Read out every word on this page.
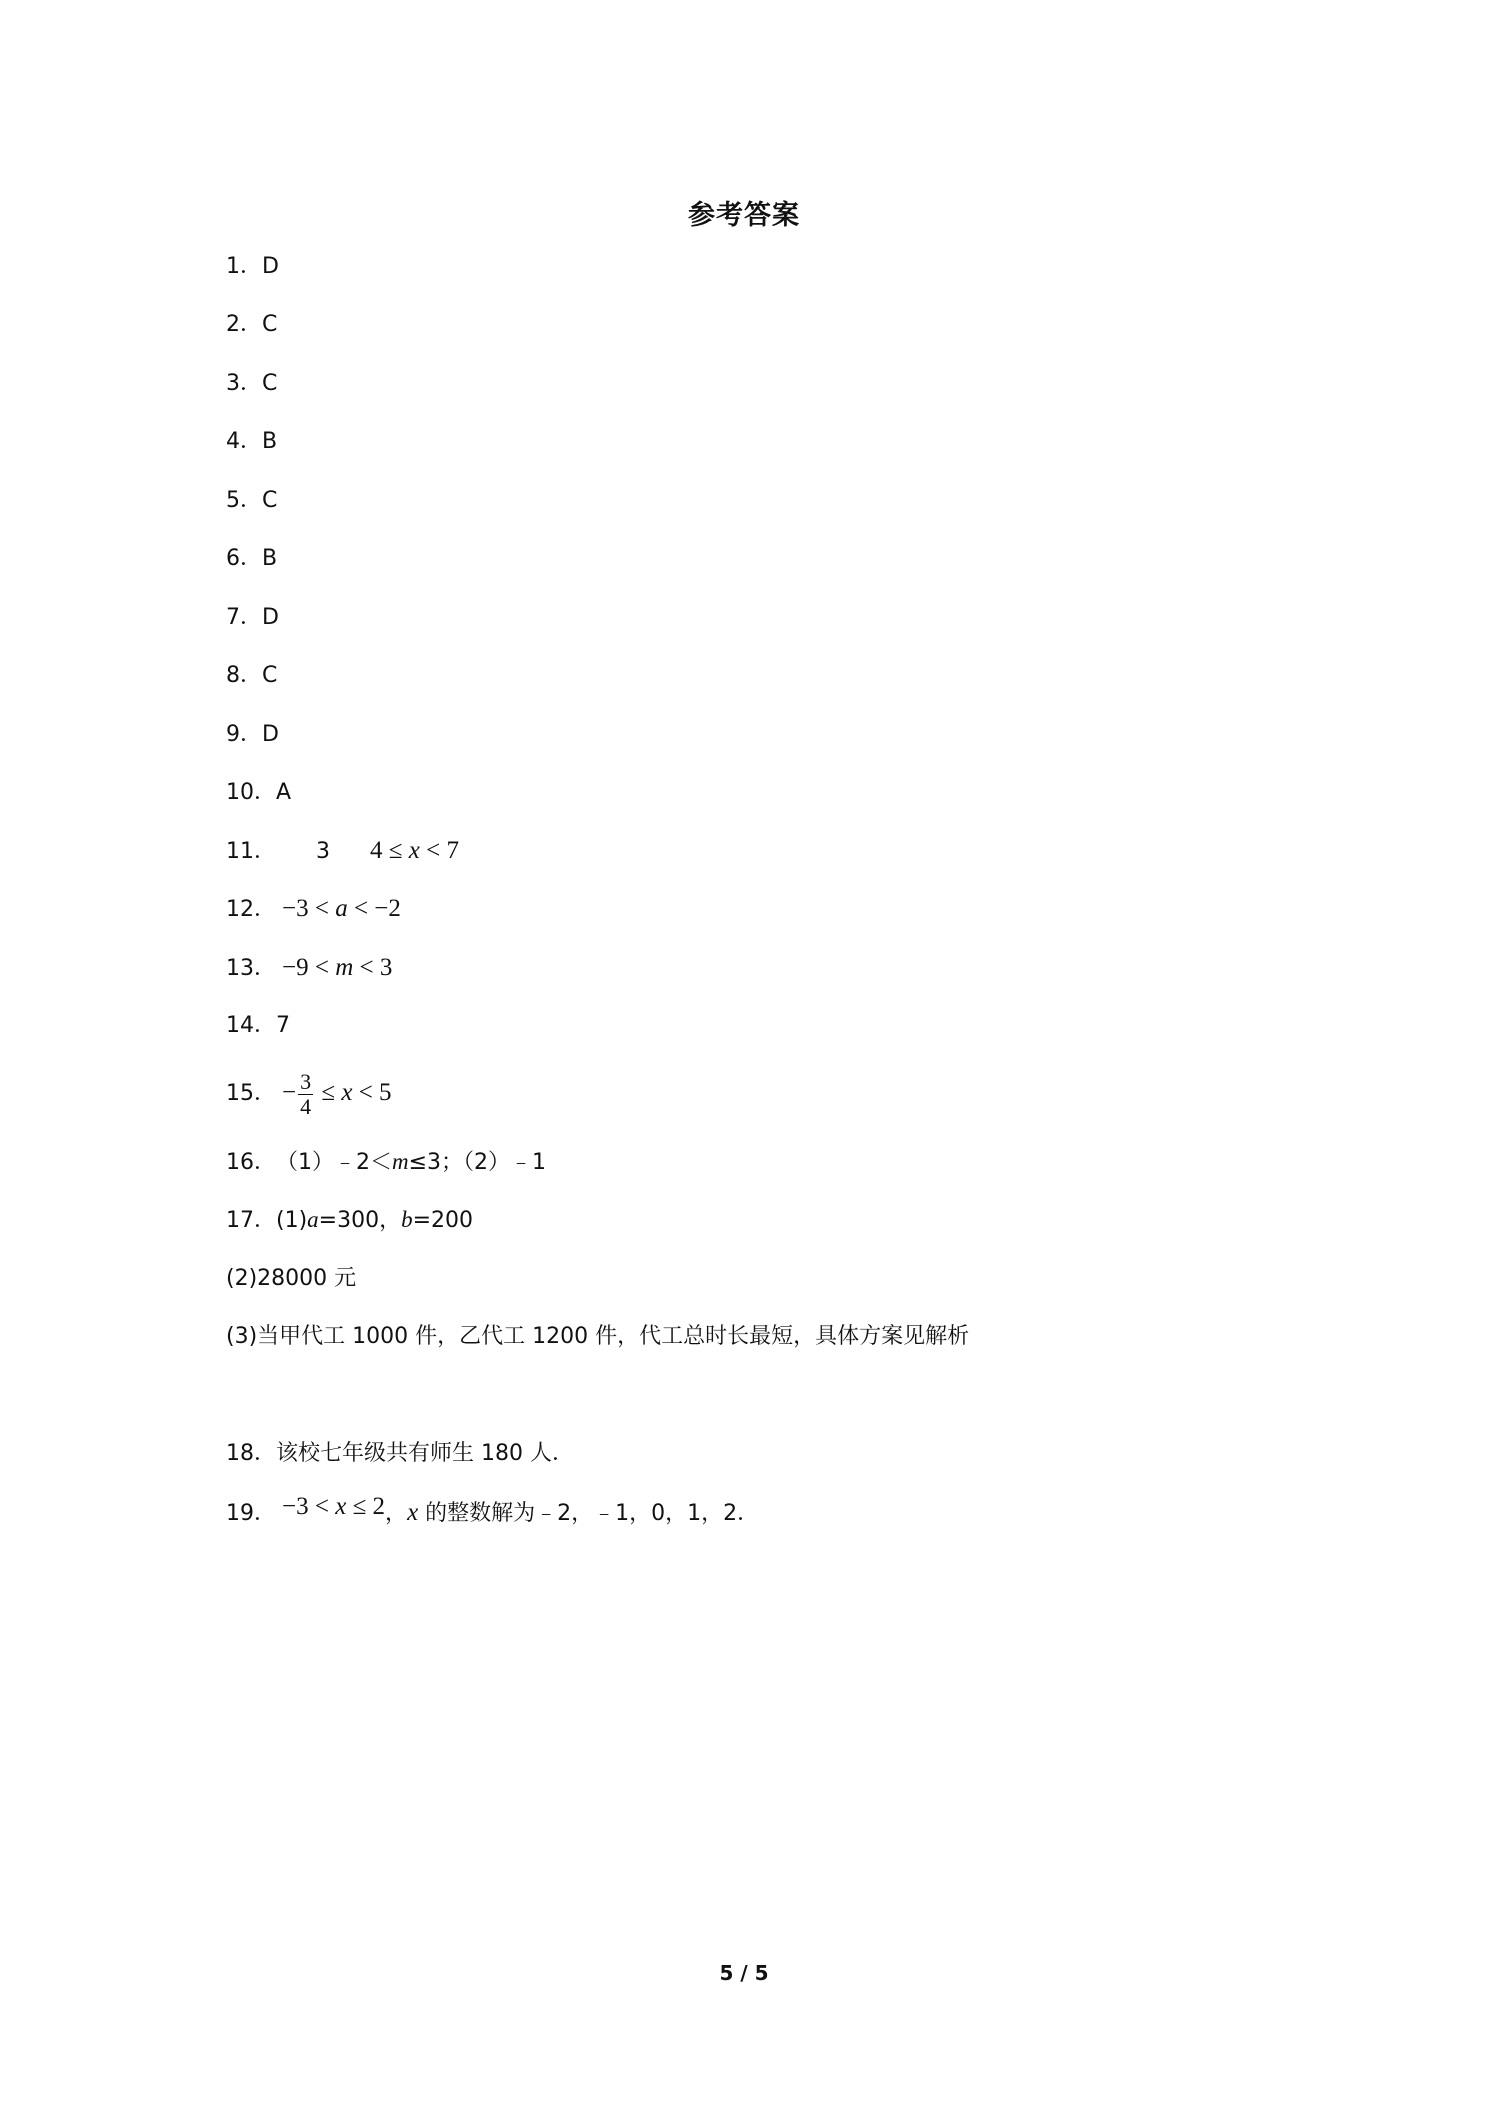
参考答案
1．D
2．C
3．C
4．B
5．C
6．B
7．D
8．C
9．D
10．A
11． 3 4 ≤ x < 7
12． −3 < a < −2
13． −9 < m < 3
14．7
15． − $\frac{3}{4} \le x < 5$
16．（1）﹣2＜m≤3；（2）﹣1
17．(1)a=300，b=200
(2)28000 元
(3)当甲代工 1000 件，乙代工 1200 件，代工总时长最短，具体方案见解析
18．该校七年级共有师生 180 人．
19． −3 < x ≤ 2，x 的整数解为﹣2，﹣1，0，1，2．
5 / 5
